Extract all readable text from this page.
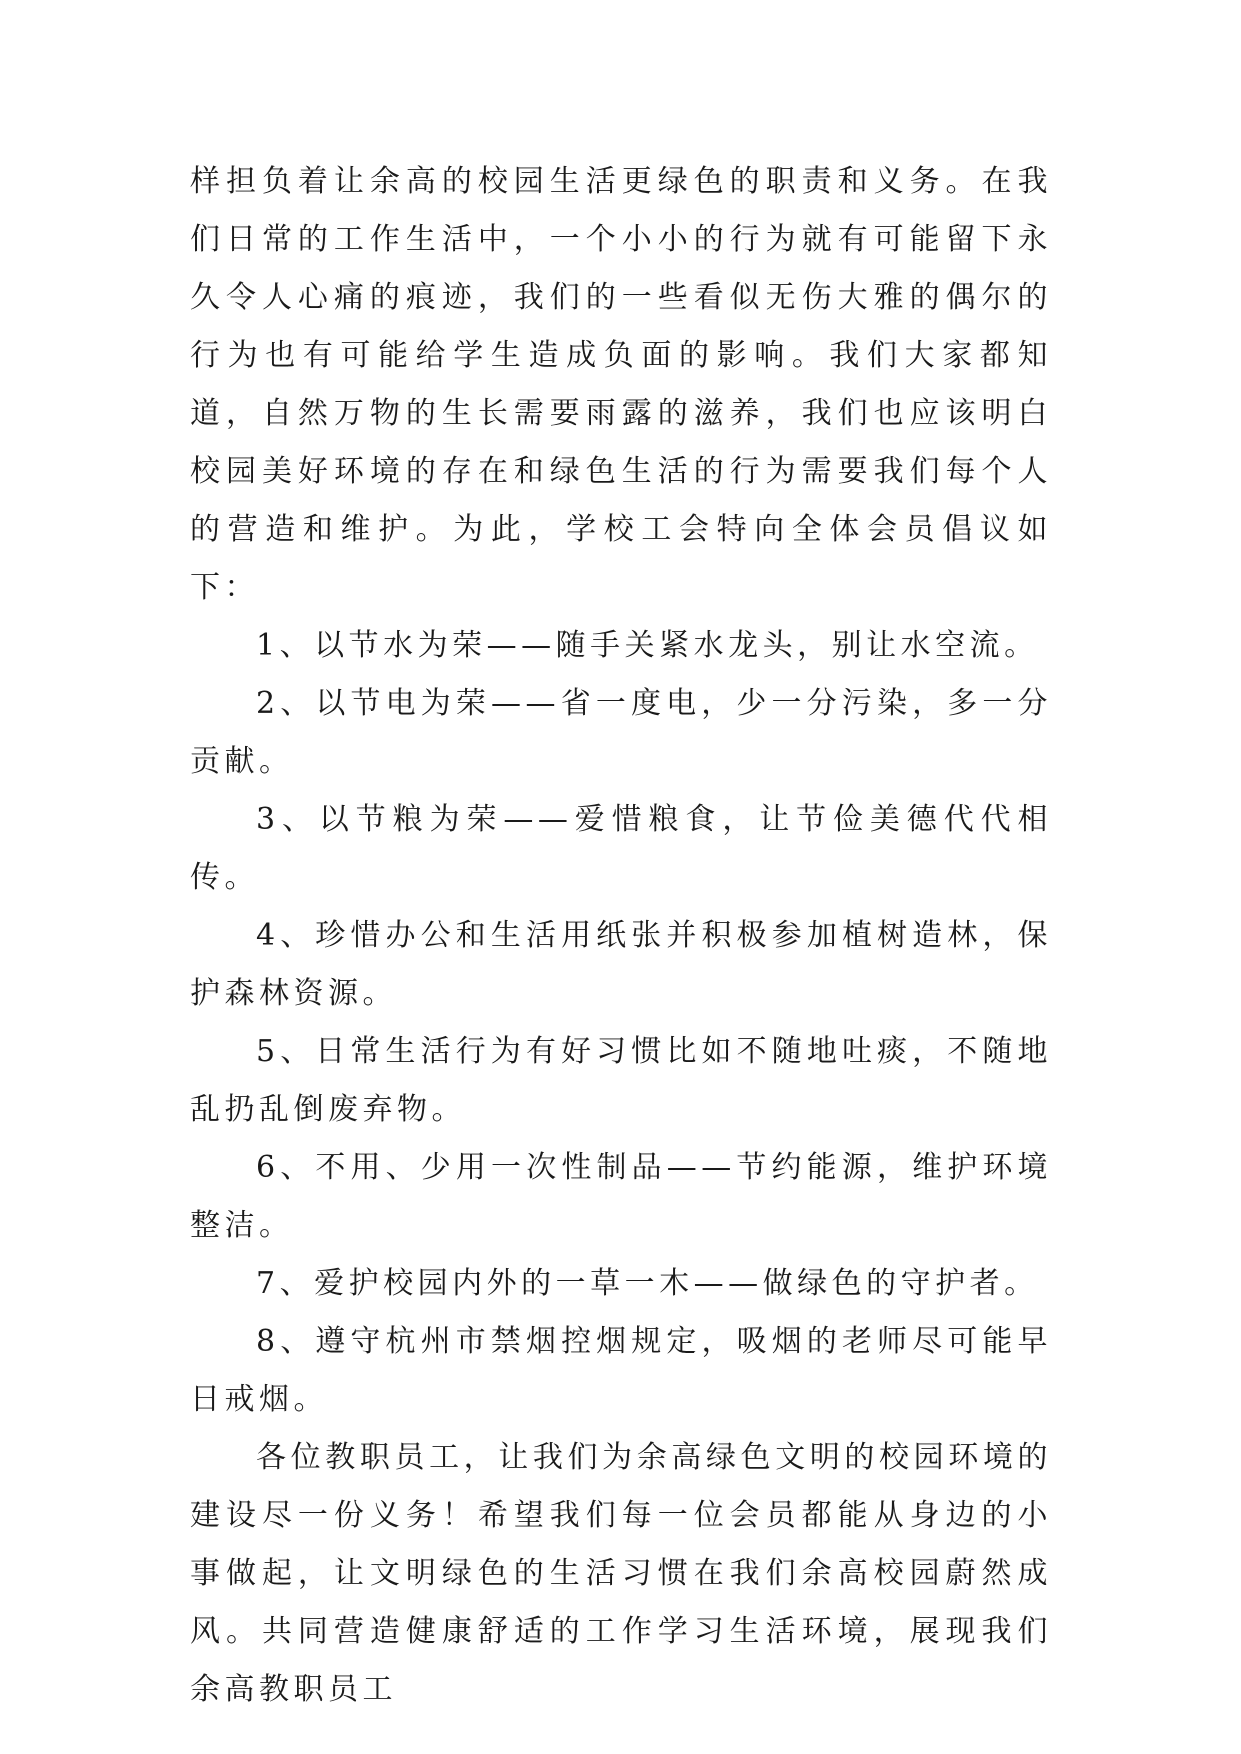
样担负着让余高的校园生活更绿色的职责和义务。在我们日常的工作生活中，一个小小的行为就有可能留下永久令人心痛的痕迹，我们的一些看似无伤大雅的偶尔的行为也有可能给学生造成负面的影响。我们大家都知道，自然万物的生长需要雨露的滋养，我们也应该明白校园美好环境的存在和绿色生活的行为需要我们每个人的营造和维护。为此，学校工会特向全体会员倡议如下：

1、以节水为荣——随手关紧水龙头，别让水空流。

2、以节电为荣——省一度电，少一分污染，多一分贡献。

3、以节粮为荣——爱惜粮食，让节俭美德代代相传。

4、珍惜办公和生活用纸张并积极参加植树造林，保护森林资源。

5、日常生活行为有好习惯比如不随地吐痰，不随地乱扔乱倒废弃物。

6、不用、少用一次性制品——节约能源，维护环境整洁。

7、爱护校园内外的一草一木——做绿色的守护者。

8、遵守杭州市禁烟控烟规定，吸烟的老师尽可能早日戒烟。

各位教职员工，让我们为余高绿色文明的校园环境的建设尽一份义务！希望我们每一位会员都能从身边的小事做起，让文明绿色的生活习惯在我们余高校园蔚然成风。共同营造健康舒适的工作学习生活环境，展现我们余高教职员工
